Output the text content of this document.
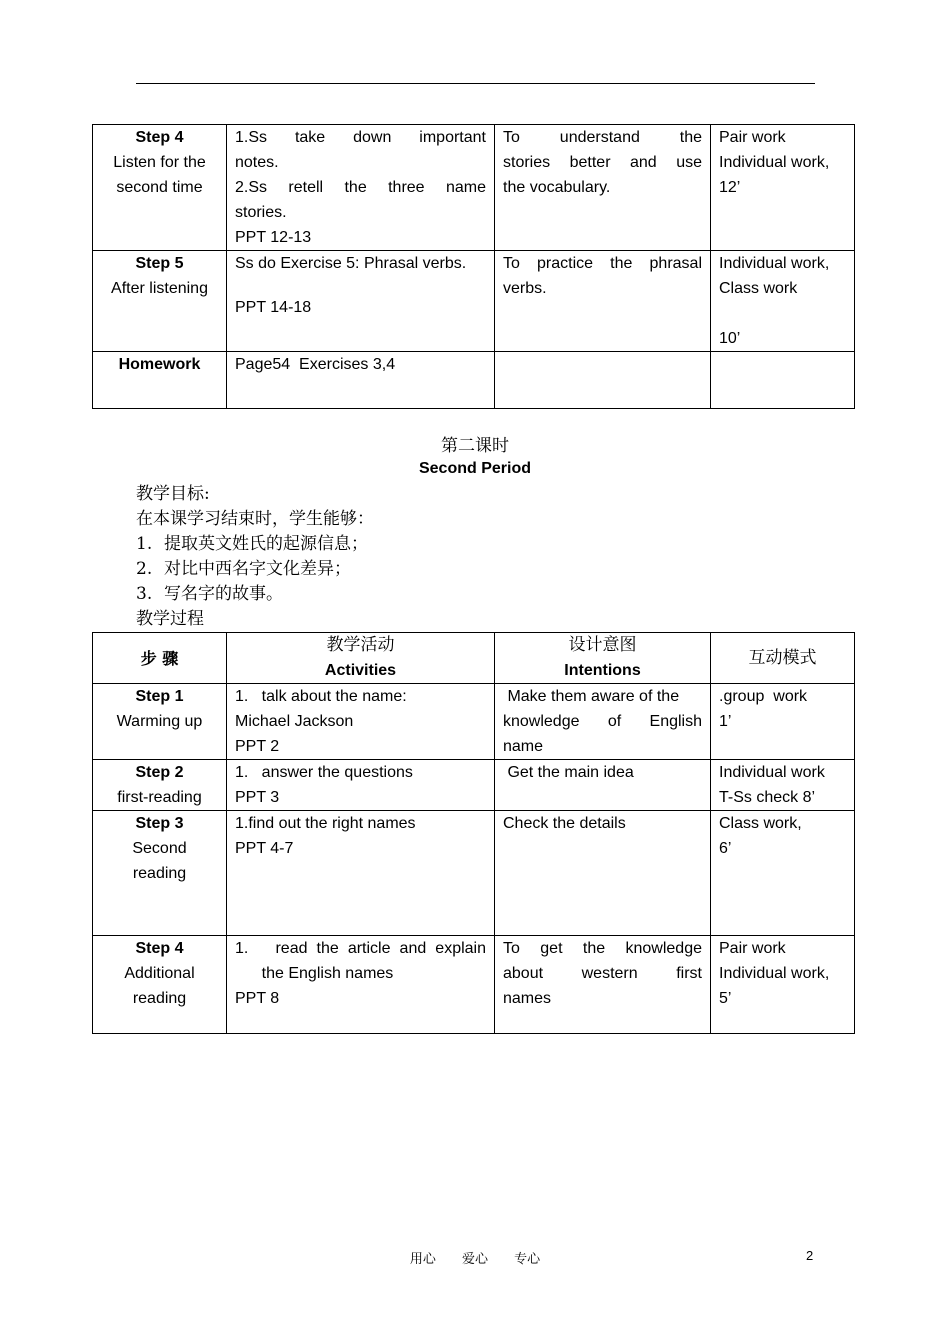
Step 4
Listen for the
second time	1.Ss take down important
notes.
2.Ss retell the three name
stories.
PPT 12-13	To understand the
stories better and use
the vocabulary.	Pair work
Individual work,
12’

Step 5
After listening	Ss do Exercise 5: Phrasal verbs.
PPT 14-18	To practice the phrasal
verbs.	Individual work,
Class work
10’

Homework	Page54  Exercises 3,4		

第二课时
Second Period
教学目标:
在本课学习结束时，学生能够：
1. 提取英文姓氏的起源信息；
2. 对比中西名字文化差异；
3. 写名字的故事。
教学过程
步 骤	教学活动
Activities	设计意图
Intentions	互动模式

Step 1
Warming up	1.   talk about the name:
Michael Jackson
PPT 2	Make them aware of the
knowledge of English
name	.group  work
1’

Step 2
first-reading	1.   answer the questions
PPT 3	Get the main idea	Individual work
T-Ss check 8’

Step 3
Second
reading	1.find out the right names
PPT 4-7	Check the details	Class work,
6’

Step 4
Additional
reading	1.   read the article and explain
the English names
PPT 8	To get the knowledge
about western first
names	Pair work
Individual work,
5’
用心 爱心 专心	2
